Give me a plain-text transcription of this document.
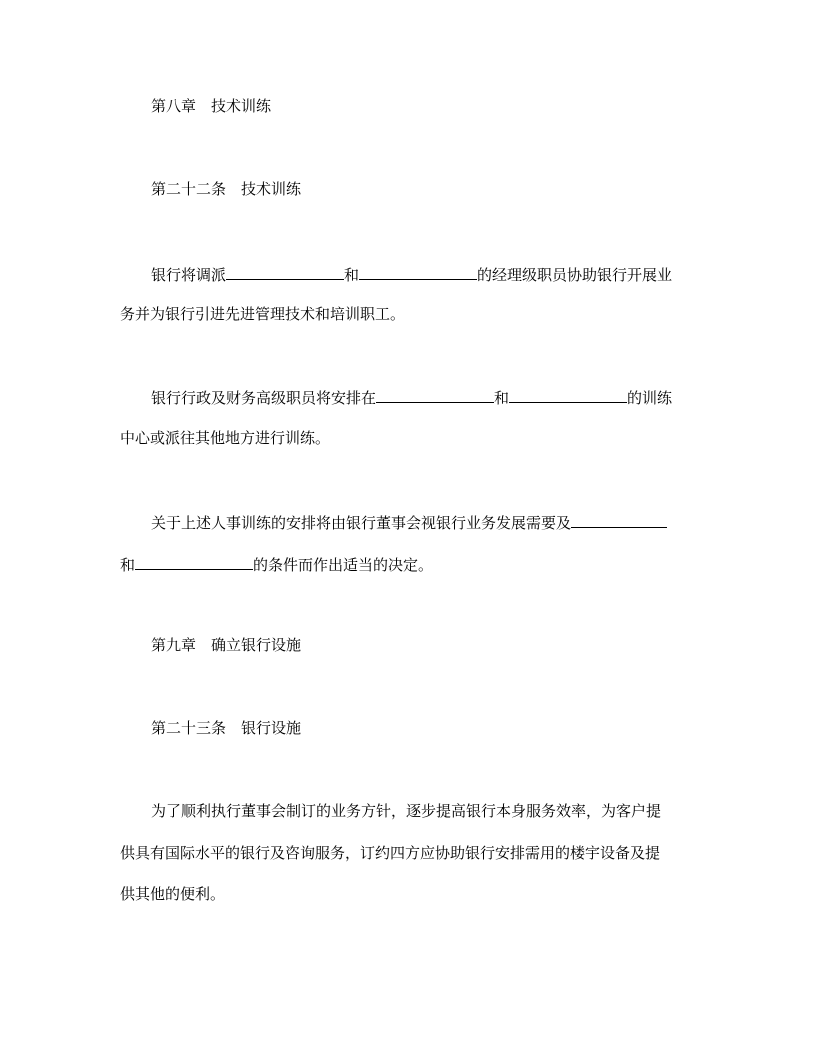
第八章 技术训练
第二十二条 技术训练
银行将调派	和	的经理级职员协助银行开展业
务并为银行引进先进管理技术和培训职工。
银行行政及财务高级职员将安排在	和	的训练
中心或派往其他地方进行训练。
关于上述人事训练的安排将由银行董事会视银行业务发展需要及
和	的条件而作出适当的决定。
第九章 确立银行设施
第二十三条 银行设施
为了顺利执行董事会制订的业务方针，逐步提高银行本身服务效率，为客户提
供具有国际水平的银行及咨询服务，订约四方应协助银行安排需用的楼宇设备及提
供其他的便利。
